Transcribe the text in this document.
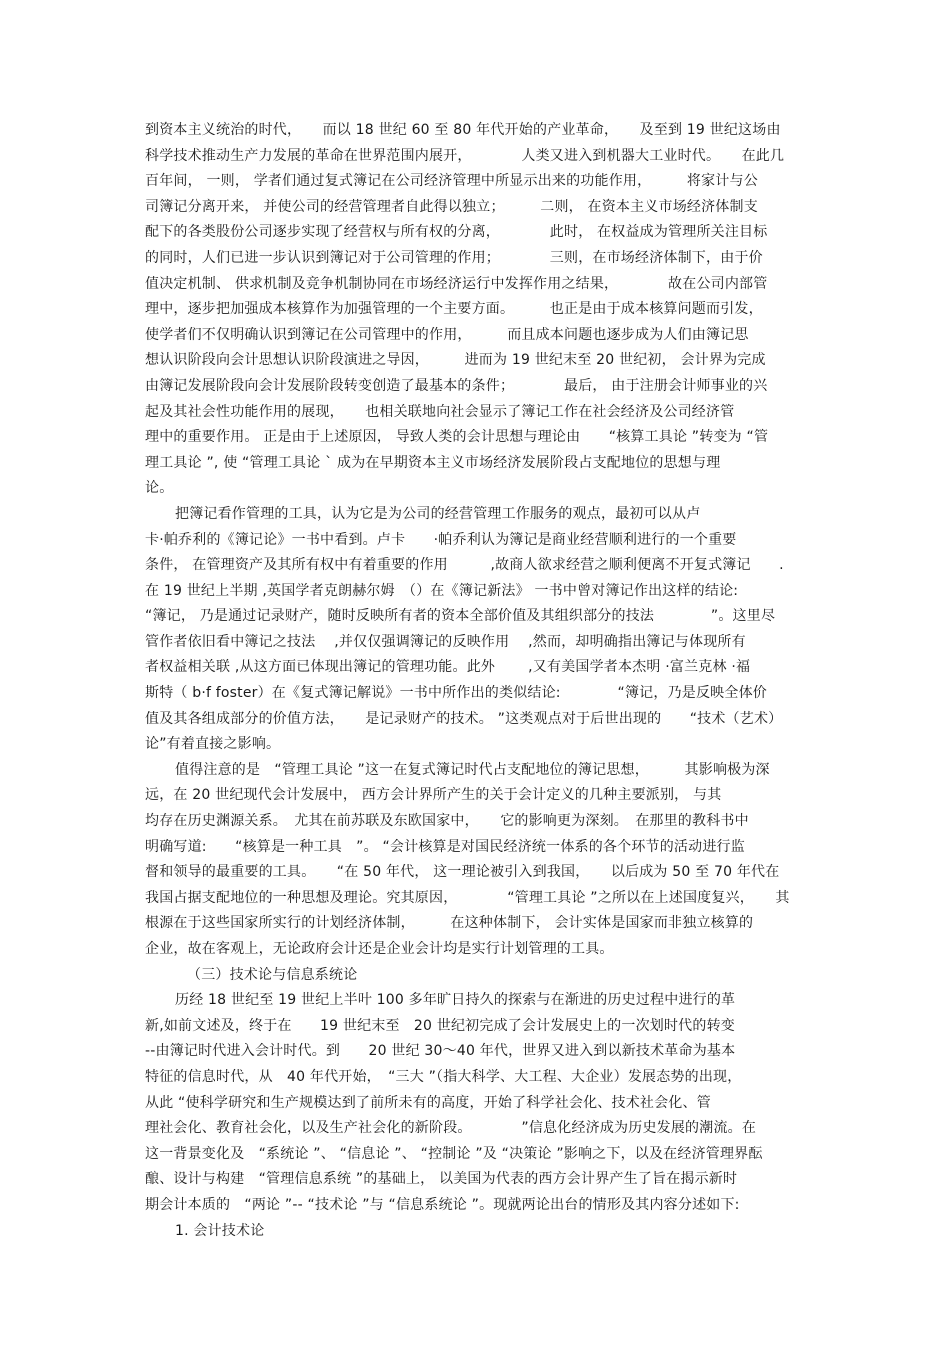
到资本主义统治的时代，　　而以 18 世纪 60 至 80 年代开始的产业革命，　　及至到 19 世纪这场由
科学技术推动生产力发展的革命在世界范围内展开，　　　　人类又进入到机器大工业时代。　　在此几
百年间， 一则， 学者们通过复式簿记在公司经济管理中所显示出来的功能作用，　　　将家计与公
司簿记分离开来， 并使公司的经营管理者自此得以独立；　　　二则， 在资本主义市场经济体制支
配下的各类股份公司逐步实现了经营权与所有权的分离，　　　　此时， 在权益成为管理所关注目标
的同时，人们已进一步认识到簿记对于公司管理的作用；　　　　三则，在市场经济体制下，由于价
值决定机制、 供求机制及竞争机制协同在市场经济运行中发挥作用之结果，　　　　故在公司内部管
理中，逐步把加强成本核算作为加强管理的一个主要方面。　　　也正是由于成本核算问题而引发，
使学者们不仅明确认识到簿记在公司管理中的作用，　　　而且成本问题也逐步成为人们由簿记思
想认识阶段向会计思想认识阶段演进之导因，　　　进而为 19 世纪末至 20 世纪初， 会计界为完成
由簿记发展阶段向会计发展阶段转变创造了最基本的条件；　　　　最后， 由于注册会计师事业的兴
起及其社会性功能作用的展现，　　也相关联地向社会显示了簿记工作在社会经济及公司经济管
理中的重要作用。 正是由于上述原因， 导致人类的会计思想与理论由　　“核算工具论 ”转变为 “管
理工具论 ”, 使 “管理工具论 ` 成为在早期资本主义市场经济发展阶段占支配地位的思想与理
论。
把簿记看作管理的工具，认为它是为公司的经营管理工作服务的观点，最初可以从卢
卡·帕乔利的《簿记论》一书中看到。卢卡　　·帕乔利认为簿记是商业经营顺利进行的一个重要
条件， 在管理资产及其所有权中有着重要的作用　　　,故商人欲求经营之顺利便离不开复式簿记　　.
在 19 世纪上半期 ,英国学者克朗赫尔姆　（）在《簿记新法》 一书中曾对簿记作出这样的结论:
“簿记， 乃是通过记录财产，随时反映所有者的资本全部价值及其组织部分的技法　　　　”。这里尽
管作者依旧看中簿记之技法　 ,并仅仅强调簿记的反映作用　 ,然而，却明确指出簿记与体现所有
者权益相关联 ,从这方面已体现出簿记的管理功能。此外　　 ,又有美国学者本杰明 ·富兰克林 ·福
斯特（ b·f foster）在《复式簿记解说》一书中所作出的类似结论:　　　　“簿记，乃是反映全体价
值及其各组成部分的价值方法，　　是记录财产的技术。 ”这类观点对于后世出现的　　“技术（艺术）
论”有着直接之影响。
值得注意的是　“管理工具论 ”这一在复式簿记时代占支配地位的簿记思想，　　　其影响极为深
远，在 20 世纪现代会计发展中， 西方会计界所产生的关于会计定义的几种主要派别， 与其
均存在历史渊源关系。　尤其在前苏联及东欧国家中，　　它的影响更为深刻。　在那里的教科书中
明确写道:　　“核算是一种工具　”。 “会计核算是对国民经济统一体系的各个环节的活动进行监
督和领导的最重要的工具。　　“在 50 年代， 这一理论被引入到我国，　　以后成为 50 至 70 年代在
我国占据支配地位的一种思想及理论。究其原因，　　　　“管理工具论 ”之所以在上述国度复兴，　　其
根源在于这些国家所实行的计划经济体制，　　　在这种体制下， 会计实体是国家而非独立核算的
企业，故在客观上，无论政府会计还是企业会计均是实行计划管理的工具。
（三）技术论与信息系统论
历经 18 世纪至 19 世纪上半叶 100 多年旷日持久的探索与在渐进的历史过程中进行的革
新,如前文述及，终于在　　19 世纪末至　20 世纪初完成了会计发展史上的一次划时代的转变
--由簿记时代进入会计时代。到　　20 世纪 30～40 年代，世界又进入到以新技术革命为基本
特征的信息时代，从　40 年代开始，　“三大 ”（指大科学、大工程、大企业）发展态势的出现，
从此 “使科学研究和生产规模达到了前所未有的高度，开始了科学社会化、技术社会化、管
理社会化、教育社会化，以及生产社会化的新阶段。　　　　”信息化经济成为历史发展的潮流。在
这一背景变化及　“系统论 ”、 “信息论 ”、 “控制论 ”及 “决策论 ”影响之下，以及在经济管理界酝
酿、设计与构建　“管理信息系统 ”的基础上， 以美国为代表的西方会计界产生了旨在揭示新时
期会计本质的　“两论 ”-- “技术论 ”与 “信息系统论 ”。现就两论出台的情形及其内容分述如下:
1. 会计技术论
